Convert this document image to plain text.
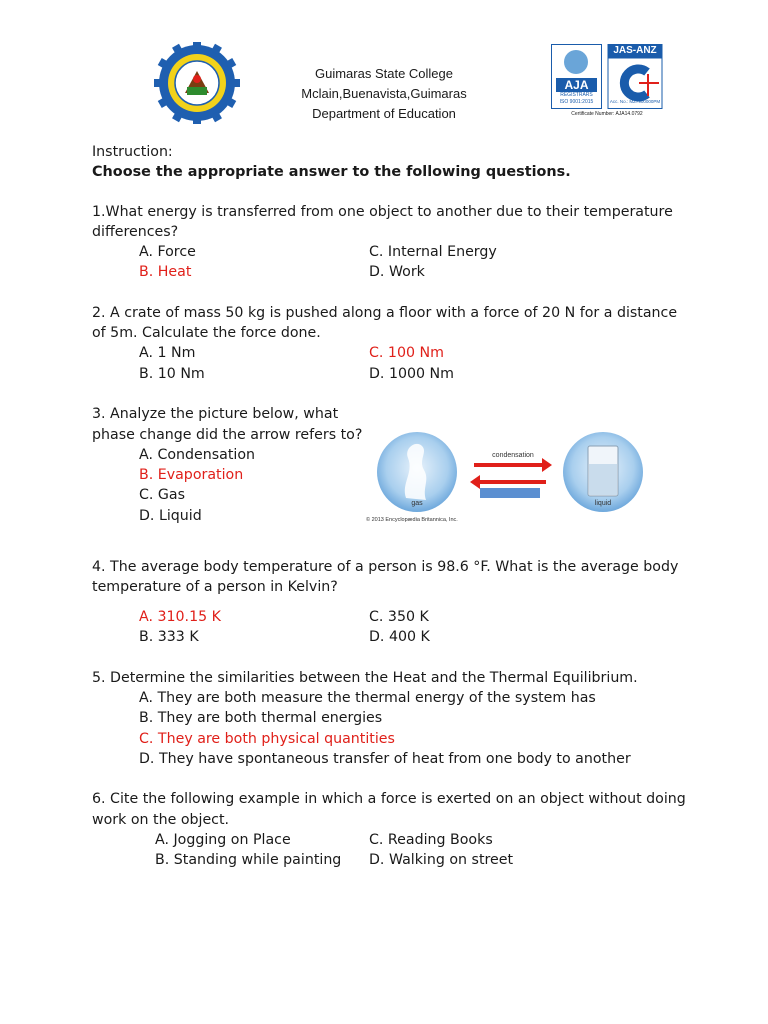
Guimaras State College
Mclain,Buenavista,Guimaras
Department of Education
JAS-ANZ
AJA
REGISTRARS
ISO 9001:2015	Acc. No.: MZ7900000PM
Certificate Number: AJA14.0792
Instruction:
Choose the appropriate answer to the following questions.
1.What energy is transferred from one object to another due to their temperature
differences?
A. Force
B. Heat
C. Internal Energy
D. Work
2. A crate of mass 50 kg is pushed along a floor with a force of 20 N for a distance
of 5m. Calculate the force done.
A. 1 Nm
B. 10 Nm
C. 100 Nm
D. 1000 Nm
3. Analyze the picture below, what
phase change did the arrow refers to?
A. Condensation
B. Evaporation
C. Gas
D. Liquid
condensation
gas	liquid
© 2013 Encyclopædia Britannica, Inc.
4. The average body temperature of a person is 98.6 °F. What is the average body
temperature of a person in Kelvin?
A. 310.15 K
B. 333 K
C. 350 K
D. 400 K
5. Determine the similarities between the Heat and the Thermal Equilibrium.
A. They are both measure the thermal energy of the system has
B. They are both thermal energies
C. They are both physical quantities
D. They have spontaneous transfer of heat from one body to another
6. Cite the following example in which a force is exerted on an object without doing
work on the object.
A. Jogging on Place
B. Standing while painting
C. Reading Books
D. Walking on street
